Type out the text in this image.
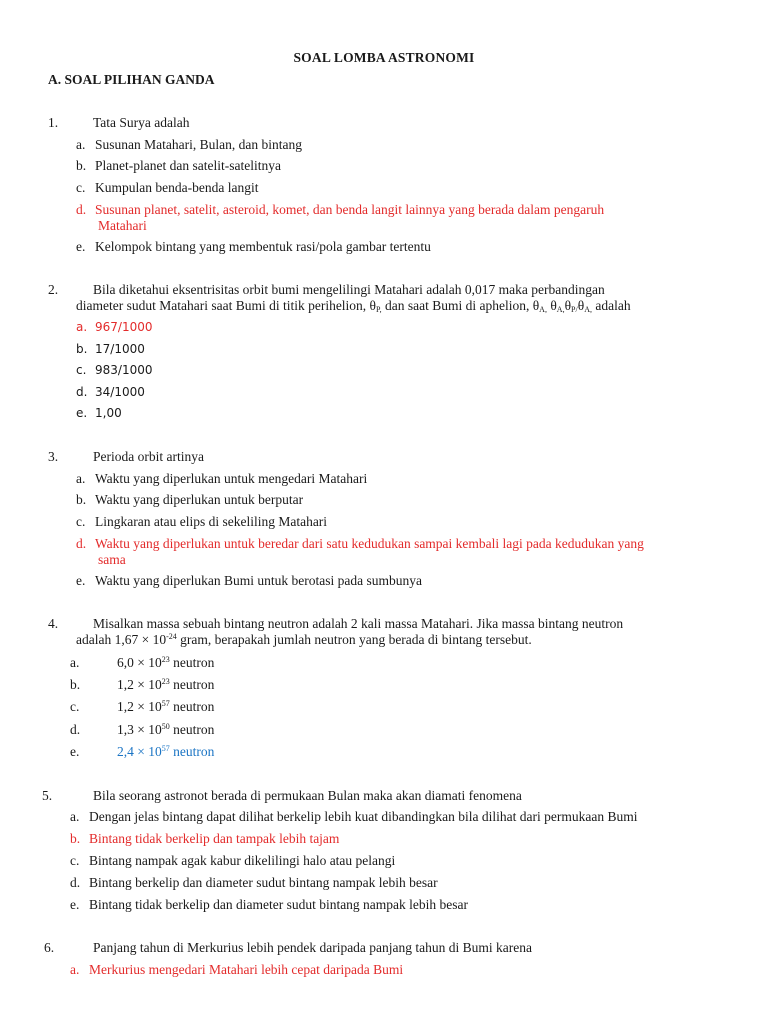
SOAL LOMBA ASTRONOMI
A. SOAL PILIHAN GANDA
1.	Tata Surya adalah
a. Susunan Matahari, Bulan, dan bintang
b. Planet-planet dan satelit-satelitnya
c. Kumpulan benda-benda langit
d. Susunan planet, satelit, asteroid, komet, dan benda langit lainnya yang berada dalam pengaruh
Matahari
e. Kelompok bintang yang membentuk rasi/pola gambar tertentu
2.	Bila diketahui eksentrisitas orbit bumi mengelilingi Matahari adalah 0,017 maka perbandingan
diameter sudut Matahari saat Bumi di titik perihelion, $\theta_{P,}$ dan saat Bumi di aphelion, $\theta_{A,}$ $\theta_{A,}\theta_{P/}\theta_{A,}$ adalah
a. 967/1000
b. 17/1000
c. 983/1000
d. 34/1000
e. 1,00
3.	Perioda orbit artinya
a. Waktu yang diperlukan untuk mengedari Matahari
b. Waktu yang diperlukan untuk berputar
c. Lingkaran atau elips di sekeliling Matahari
d. Waktu yang diperlukan untuk beredar dari satu kedudukan sampai kembali lagi pada kedudukan yang
sama
e. Waktu yang diperlukan Bumi untuk berotasi pada sumbunya
4.	Misalkan massa sebuah bintang neutron adalah 2 kali massa Matahari. Jika massa bintang neutron
adalah $1,67 \times 10^{-24}$ gram, berapakah jumlah neutron yang berada di bintang tersebut.
a.	$6,0 \times 10^{23}$ neutron
b.	$1,2 \times 10^{23}$ neutron
c.	$1,2 \times 10^{57}$ neutron
d.	$1,3 \times 10^{50}$ neutron
e.	$2,4 \times 10^{57}$ neutron
5.	Bila seorang astronot berada di permukaan Bulan maka akan diamati fenomena
a. Dengan jelas bintang dapat dilihat berkelip lebih kuat dibandingkan bila dilihat dari permukaan Bumi
b. Bintang tidak berkelip dan tampak lebih tajam
c. Bintang nampak agak kabur dikelilingi halo atau pelangi
d. Bintang berkelip dan diameter sudut bintang nampak lebih besar
e. Bintang tidak berkelip dan diameter sudut bintang nampak lebih besar
6.	Panjang tahun di Merkurius lebih pendek daripada panjang tahun di Bumi karena
a. Merkurius mengedari Matahari lebih cepat daripada Bumi
